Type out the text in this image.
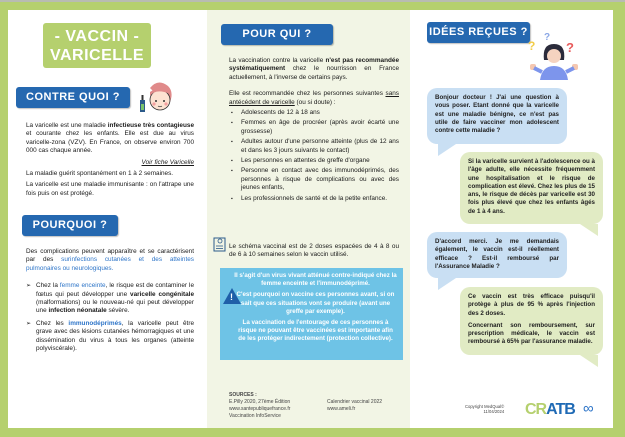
- VACCIN -
VARICELLE
CONTRE QUOI ?

La varicelle est une maladie infectieuse très contagieuse et courante chez les enfants. Elle est due au virus varicelle-zona (VZV). En France, on observe environ 700 000 cas chaque année.

Voir fiche Varicelle

La maladie guérit spontanément en 1 à 2 semaines.

La varicelle est une maladie immunisante : on l'attrape une fois puis on est protégé.

POURQUOI ?

Des complications peuvent apparaître et se caractérisent par des surinfections cutanées et des atteintes pulmonaires ou neurologiques.

➢ Chez la femme enceinte, le risque est de contaminer le fœtus qui peut développer une varicelle congénitale (malformations) ou le nouveau-né qui peut développer une infection néonatale sévère.
➢ Chez les immunodéprimés, la varicelle peut être grave avec des lésions cutanées hémorragiques et une dissémination du virus à tous les organes (atteinte polyviscérale).
POUR QUI ?

La vaccination contre la varicelle n'est pas recommandée systématiquement chez le nourrisson en France actuellement, à l'inverse de certains pays.

Elle est recommandée chez les personnes suivantes sans antécédent de varicelle (ou si doute) :

▪ Adolescents de 12 à 18 ans
▪ Femmes en âge de procréer (après avoir écarté une grossesse)
▪ Adultes autour d'une personne atteinte (plus de 12 ans et dans les 3 jours suivants le contact)
▪ Les personnes en attentes de greffe d'organe
▪ Personne en contact avec des immunodéprimés, des personnes à risque de complications ou avec des jeunes enfants,
▪ Les professionnels de santé et de la petite enfance.
Le schéma vaccinal est de 2 doses espacées de 4 à 8 ou de 6 à 10 semaines selon le vaccin utilisé.
!

Il s'agit d'un virus vivant atténué contre-indiqué chez la femme enceinte et l'immunodéprimé.

C'est pourquoi on vaccine ces personnes avant, si on sait que ces situations vont se produire (avant une greffe par exemple).

La vaccination de l'entourage de ces personnes à risque ne pouvant être vaccinées est importante afin de les protéger indirectement (protection collective).

SOURCES :
E.Pilly 2020, 27ème Édition
www.santepubliquefrance.fr
Vaccination InfoService
Calendrier vaccinal 2022
www.ameli.fr
IDÉES REÇUES ?
?
?
?

Bonjour docteur ! J'ai une question à vous poser. Etant donné que la varicelle est une maladie bénigne, ce n'est pas utile de faire vacciner mon adolescent contre cette maladie ?

Si la varicelle survient à l'adolescence ou à l'âge adulte, elle nécessite fréquemment une hospitalisation et le risque de complication est élevé. Chez les plus de 15 ans, le risque de décès par varicelle est 30 fois plus élevé que chez les enfants âgés de 1 à 4 ans.

D'accord merci. Je me demandais également, le vaccin est-il réellement efficace ? Est-il remboursé par l'Assurance Maladie ?

Ce vaccin est très efficace puisqu'il protège à plus de 95 % après l'injection des 2 doses.

Concernant son remboursement, sur prescription médicale, le vaccin est remboursé à 65% par l'assurance maladie.

Copyright MedQual©
11/04/2024 CRATB ∞
